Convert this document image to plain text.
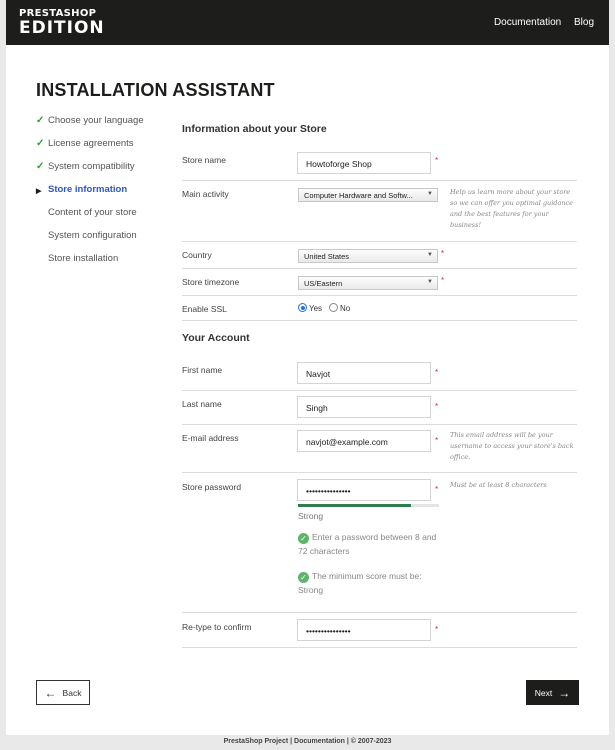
PRESTASHOP
EDITION	Documentation Blog
INSTALLATION ASSISTANT
✓ Choose your language
✓ License agreements
✓ System compatibility
▶ Store information
Content of your store
System configuration
Store installation
Information about your Store
Store name	Howtoforge Shop	*
Main activity	Computer Hardware and Softw... ▼	Help us learn more about your store so we can offer you optimal guidance and the best features for your business!
Country	United States	▼ *
Store timezone	US/Eastern	▼ *
Enable SSL	Yes	No
Your Account
First name	Navjot	*
Last name	Singh	*
E-mail address	navjot@example.com	*
This email address will be your username to access your store's back office.
Store password	•••••••••••••••	* Must be at least 8 characters
Strong
✓ Enter a password between 8 and 72 characters
✓ The minimum score must be: Strong
Re-type to confirm	•••••••••••••••	*
← Back	Next →
PrestaShop Project | Documentation | © 2007-2023
